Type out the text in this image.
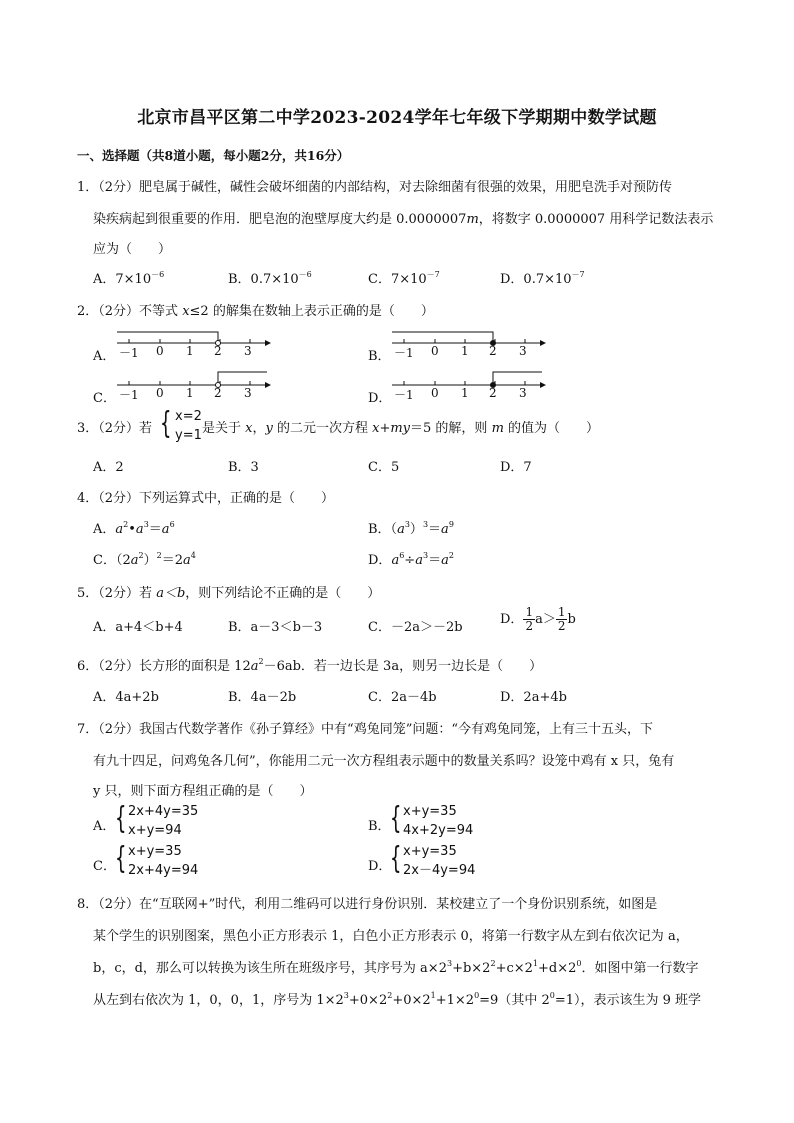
北京市昌平区第二中学2023-2024学年七年级下学期期中数学试题
一、选择题（共8道小题，每小题2分，共16分）
1．（2分）肥皂属于碱性，碱性会破坏细菌的内部结构，对去除细菌有很强的效果，用肥皂洗手对预防传
染疾病起到很重要的作用．肥皂泡的泡壁厚度大约是 0.0000007m，将数字 0.0000007 用科学记数法表示
应为（　　）
A．$7\times 10^{-6}$	B．$0.7\times 10^{-6}$	C．$7\times 10^{-7}$	D．$0.7\times 10^{-7}$
2．（2分）不等式 x≤2 的解集在数轴上表示正确的是（　　）
A． －1 0 1 2 3	B． －1 0 1 2 3
C． －1 0 1 2 3	D． －1 0 1 2 3
3．（2分）若 { x=2
y=1 是关于 x，y 的二元一次方程 x+my＝5 的解，则 m 的值为（　　）
A．2	B．3	C．5	D．7
4．（2分）下列运算式中，正确的是（　　）
A．$a^2•a^3=a^6$	B．$(a^3)^3=a^9$
C．$(2a^2)^2=2a^4$	D．$a^6\div a^3=a^2$
5．（2分）若 a＜b，则下列结论不正确的是（　　）
A．a+4＜b+4	B．a－3＜b－3	C．－2a＞－2b
D． $\frac{1}{2} a> \frac{1}{2}$ b
6．（2分）长方形的面积是 $12a^2-6ab$．若一边长是 3a，则另一边长是（　　）
A．4a+2b	B．4a－2b	C．2a－4b	D．2a+4b
7．（2分）我国古代数学著作《孙子算经》中有“鸡兔同笼”问题：“今有鸡兔同笼，上有三十五头，下
有九十四足，问鸡兔各几何”，你能用二元一次方程组表示题中的数量关系吗？设笼中鸡有 x 只，兔有
y 只，则下面方程组正确的是（　　）
A． { 2x+4y=35
x+y=94	B． { x+y=35
4x+2y=94
C． { x+y=35
2x+4y=94	D．
{ x+y=35
2x－4y=94
8．（2分）在“互联网+”时代，利用二维码可以进行身份识别．某校建立了一个身份识别系统，如图是
某个学生的识别图案，黑色小正方形表示 1，白色小正方形表示 0，将第一行数字从左到右依次记为 a，
b，c，d，那么可以转换为该生所在班级序号，其序号为 $a\times 2^3+b\times 2^2+c\times 2^1+d\times 2^0$．如图中第一行数字
从左到右依次为 1，0，0，1，序号为 $1\times 2^3+0\times 2^2+0\times 2^1+1\times 2^0=9$（其中 $2^0=1$），表示该生为 9 班学
